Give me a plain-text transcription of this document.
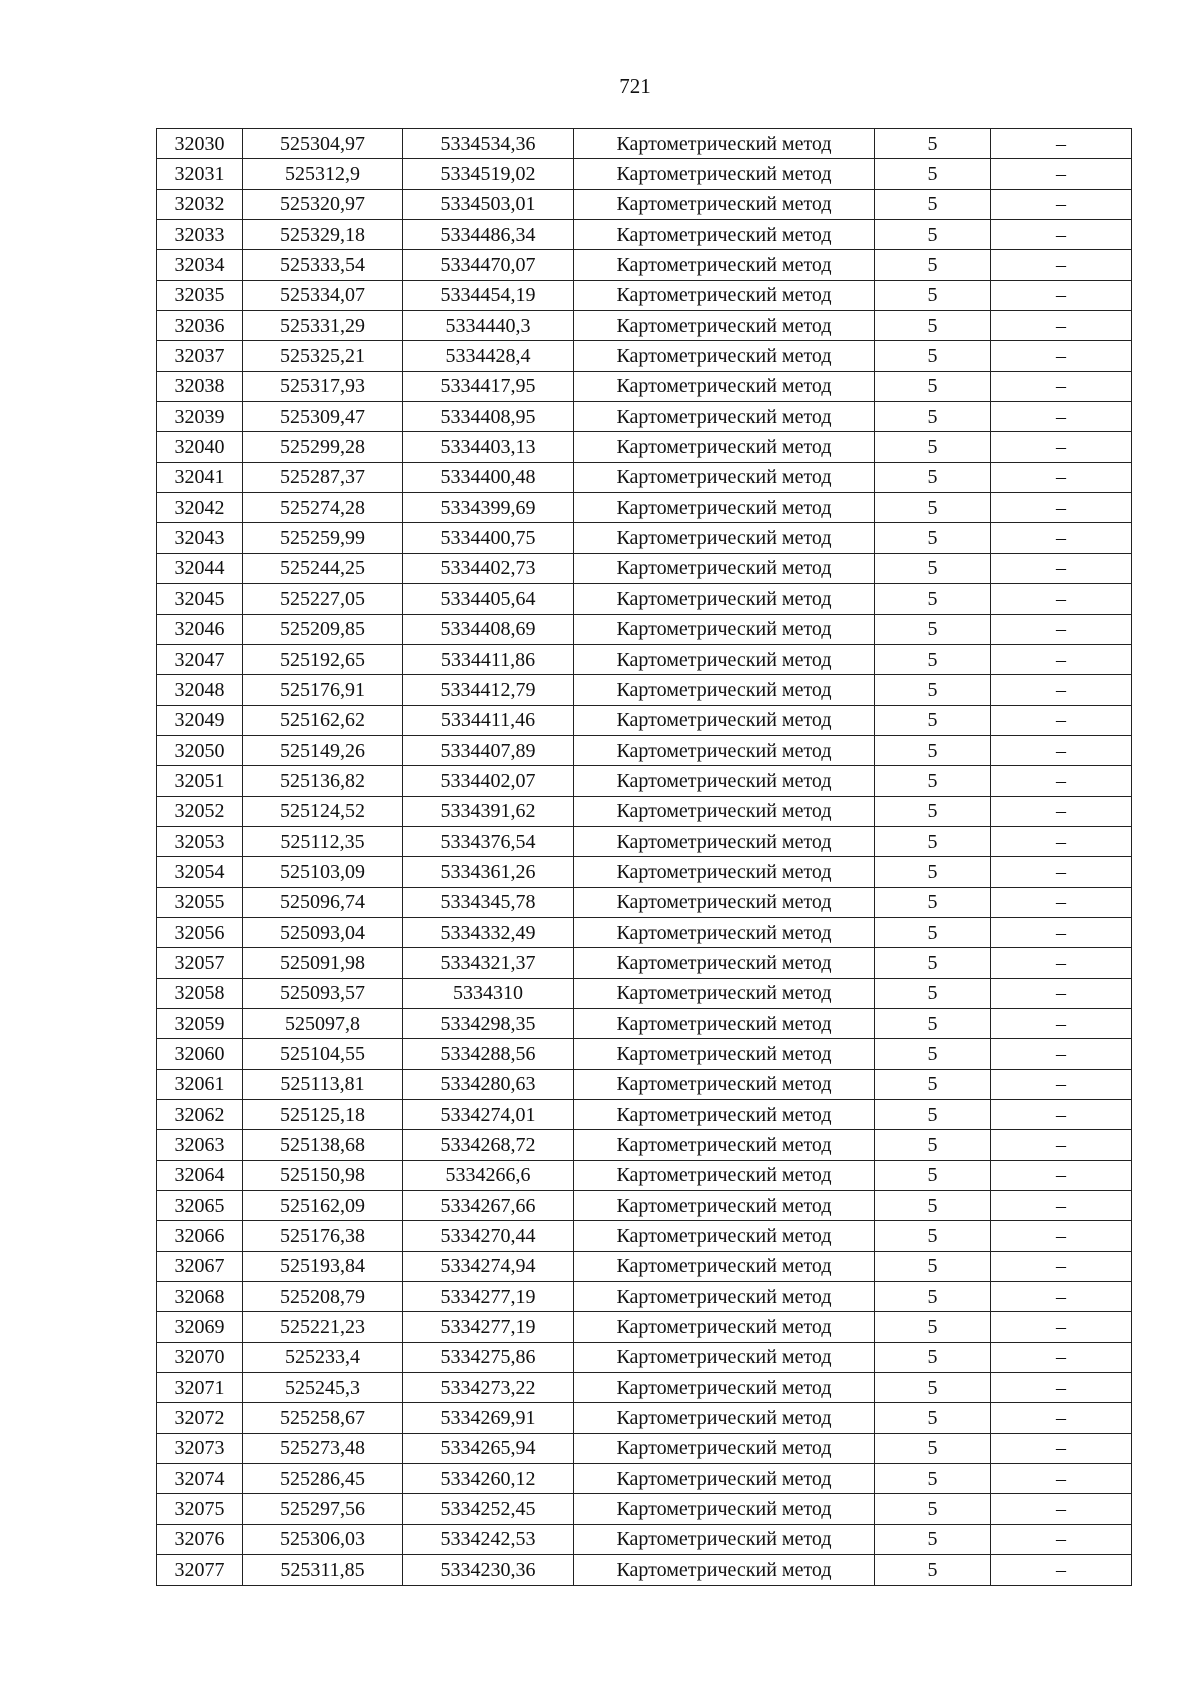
721
32030	525304,97	5334534,36	Картометрический метод	5	–
32031	525312,9	5334519,02	Картометрический метод	5	–
32032	525320,97	5334503,01	Картометрический метод	5	–
32033	525329,18	5334486,34	Картометрический метод	5	–
32034	525333,54	5334470,07	Картометрический метод	5	–
32035	525334,07	5334454,19	Картометрический метод	5	–
32036	525331,29	5334440,3	Картометрический метод	5	–
32037	525325,21	5334428,4	Картометрический метод	5	–
32038	525317,93	5334417,95	Картометрический метод	5	–
32039	525309,47	5334408,95	Картометрический метод	5	–
32040	525299,28	5334403,13	Картометрический метод	5	–
32041	525287,37	5334400,48	Картометрический метод	5	–
32042	525274,28	5334399,69	Картометрический метод	5	–
32043	525259,99	5334400,75	Картометрический метод	5	–
32044	525244,25	5334402,73	Картометрический метод	5	–
32045	525227,05	5334405,64	Картометрический метод	5	–
32046	525209,85	5334408,69	Картометрический метод	5	–
32047	525192,65	5334411,86	Картометрический метод	5	–
32048	525176,91	5334412,79	Картометрический метод	5	–
32049	525162,62	5334411,46	Картометрический метод	5	–
32050	525149,26	5334407,89	Картометрический метод	5	–
32051	525136,82	5334402,07	Картометрический метод	5	–
32052	525124,52	5334391,62	Картометрический метод	5	–
32053	525112,35	5334376,54	Картометрический метод	5	–
32054	525103,09	5334361,26	Картометрический метод	5	–
32055	525096,74	5334345,78	Картометрический метод	5	–
32056	525093,04	5334332,49	Картометрический метод	5	–
32057	525091,98	5334321,37	Картометрический метод	5	–
32058	525093,57	5334310	Картометрический метод	5	–
32059	525097,8	5334298,35	Картометрический метод	5	–
32060	525104,55	5334288,56	Картометрический метод	5	–
32061	525113,81	5334280,63	Картометрический метод	5	–
32062	525125,18	5334274,01	Картометрический метод	5	–
32063	525138,68	5334268,72	Картометрический метод	5	–
32064	525150,98	5334266,6	Картометрический метод	5	–
32065	525162,09	5334267,66	Картометрический метод	5	–
32066	525176,38	5334270,44	Картометрический метод	5	–
32067	525193,84	5334274,94	Картометрический метод	5	–
32068	525208,79	5334277,19	Картометрический метод	5	–
32069	525221,23	5334277,19	Картометрический метод	5	–
32070	525233,4	5334275,86	Картометрический метод	5	–
32071	525245,3	5334273,22	Картометрический метод	5	–
32072	525258,67	5334269,91	Картометрический метод	5	–
32073	525273,48	5334265,94	Картометрический метод	5	–
32074	525286,45	5334260,12	Картометрический метод	5	–
32075	525297,56	5334252,45	Картометрический метод	5	–
32076	525306,03	5334242,53	Картометрический метод	5	–
32077	525311,85	5334230,36	Картометрический метод	5	–
